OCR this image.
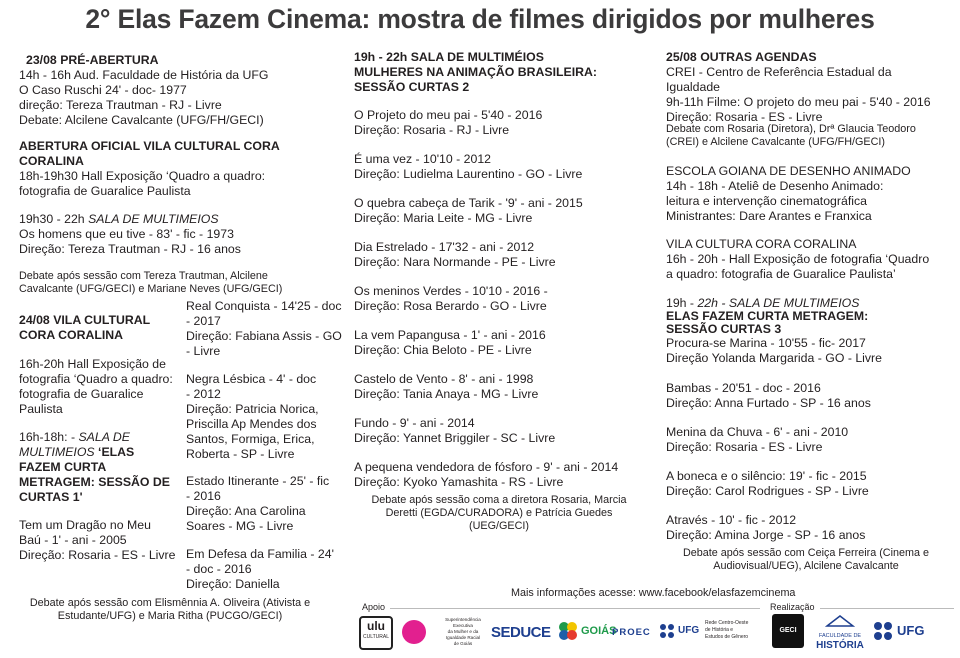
2° Elas Fazem Cinema: mostra de filmes dirigidos por mulheres

23/08 PRÉ-ABERTURA

14h - 16h Aud. Faculdade de História da UFG

O Caso Ruschi 24' - doc- 1977

direção: Tereza Trautman - RJ - Livre

Debate: Alcilene Cavalcante (UFG/FH/GECI)

ABERTURA OFICIAL VILA CULTURAL CORA

CORALINA

18h-19h30 Hall Exposição ‘Quadro a quadro:

fotografia de Guaralice Paulista

19h30 - 22h SALA DE MULTIMEIOS

Os homens que eu tive - 83' - fic - 1973

Direção: Tereza Trautman - RJ - 16 anos

Debate após sessão com Tereza Trautman, Alcilene

Cavalcante (UFG/GECI) e Mariane Neves (UFG/GECI)

24/08 VILA CULTURAL

CORA CORALINA

16h-20h Hall Exposição de

fotografia ‘Quadro a quadro:

fotografia de Guaralice

Paulista

16h-18h: - SALA DE

MULTIMEIOS ‘ELAS

FAZEM CURTA

METRAGEM: SESSÃO DE

CURTAS 1'

Tem um Dragão no Meu

Baú - 1' - ani - 2005

Direção: Rosaria - ES - Livre

Real Conquista - 14'25 - doc

- 2017

Direção: Fabiana Assis - GO

- Livre

Negra Lésbica - 4' - doc

- 2012

Direção: Patricia Norica,

Priscilla Ap Mendes dos

Santos, Formiga, Erica,

Roberta - SP - Livre

Estado Itinerante - 25' - fic

- 2016

Direção: Ana Carolina

Soares - MG - Livre

Em Defesa da Familia - 24'

- doc - 2016

Direção: Daniella

Debate após sessão com Elismênnia A. Oliveira (Ativista e

Estudante/UFG) e Maria Ritha (PUCGO/GECI)

19h - 22h SALA DE MULTIMÉIOS

MULHERES NA ANIMAÇÃO BRASILEIRA:

SESSÃO CURTAS 2

O Projeto do meu pai - 5'40 - 2016

Direção: Rosaria - RJ - Livre

É uma vez - 10'10 - 2012

Direção: Ludielma Laurentino - GO - Livre

O quebra cabeça de Tarik - '9' - ani - 2015

Direção: Maria Leite - MG - Livre

Dia Estrelado - 17'32 - ani - 2012

Direção: Nara Normande - PE - Livre

Os meninos Verdes - 10'10 - 2016 -

Direção: Rosa Berardo - GO - Livre

La vem Papangusa - 1' - ani - 2016

Direção: Chia Beloto - PE - Livre

Castelo de Vento - 8' - ani - 1998

Direção: Tania Anaya - MG - Livre

Fundo - 9' - ani - 2014

Direção: Yannet Briggiler - SC - Livre

A pequena vendedora de fósforo - 9' - ani - 2014

Direção: Kyoko Yamashita - RS - Livre

Debate após sessão coma a diretora Rosaria, Marcia

Deretti (EGDA/CURADORA) e Patrícia Guedes

(UEG/GECI)

25/08 OUTRAS AGENDAS

CREI - Centro de Referência Estadual da

Igualdade

9h-11h Filme: O projeto do meu pai - 5'40 - 2016

Direção: Rosaria - ES - Livre

Debate com Rosaria (Diretora), Drª Glaucia Teodoro

(CREI) e Alcilene Cavalcante (UFG/FH/GECI)

ESCOLA GOIANA DE DESENHO ANIMADO

14h - 18h - Ateliê de Desenho Animado:

leitura e intervenção cinematográfica

Ministrantes: Dare Arantes e Franxica

VILA CULTURA CORA CORALINA

16h - 20h - Hall Exposição de fotografia ‘Quadro

a quadro: fotografia de Guaralice Paulista’

19h - 22h - SALA DE MULTIMEIOS

ELAS FAZEM CURTA METRAGEM:

SESSÃO CURTAS 3

Procura-se Marina - 10'55 - fic- 2017

Direção Yolanda Margarida - GO - Livre

Bambas - 20'51 - doc - 2016

Direção: Anna Furtado - SP - 16 anos

Menina da Chuva - 6' - ani - 2010

Direção: Rosaria - ES - Livre

A boneca e o silêncio: 19' - fic - 2015

Direção: Carol Rodrigues - SP - Livre

Através - 10' - fic - 2012

Direção: Amina Jorge - SP - 16 anos

Debate após sessão com Ceiça Ferreira (Cinema e

Audiovisual/UEG), Alcilene Cavalcante

Mais informações acesse: www.facebook/elasfazemcinema
Apoio	Realização
ulu
CULTURAL
Superintendência
Executiva
da Mulher e da
Igualdade Racial
de Goiás
SEDUCE	GOIÁS
PROEC	UFG
Rede Centro-Oeste
de História e
Estudos de Gênero
GECI
FACULDADE DE
HISTÓRIA
UFG
